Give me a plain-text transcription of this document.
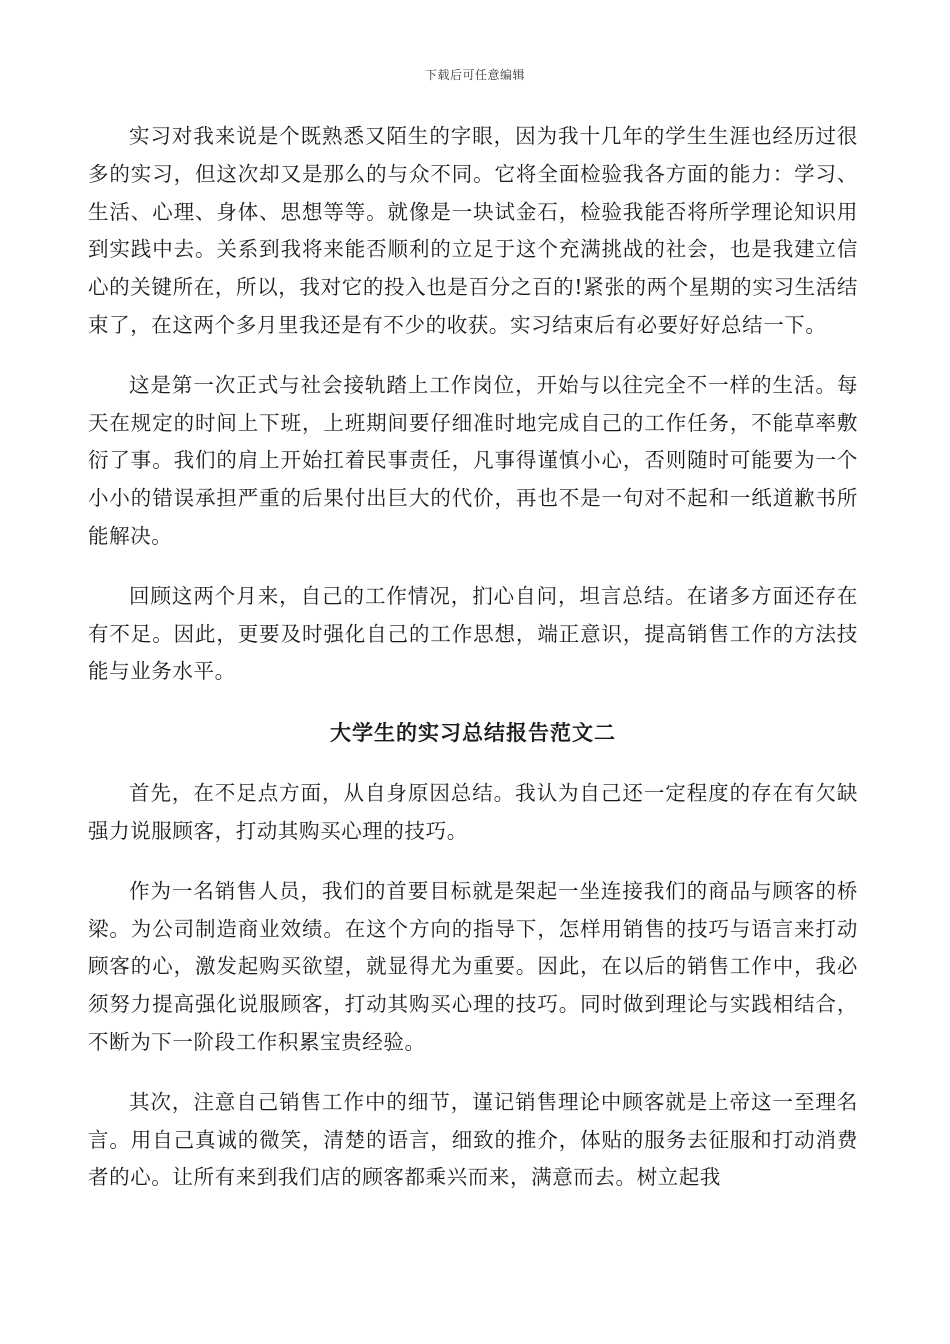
下载后可任意编辑

实习对我来说是个既熟悉又陌生的字眼，因为我十几年的学生生涯也经历过很多的实习，但这次却又是那么的与众不同。它将全面检验我各方面的能力：学习、生活、心理、身体、思想等等。就像是一块试金石，检验我能否将所学理论知识用到实践中去。关系到我将来能否顺利的立足于这个充满挑战的社会，也是我建立信心的关键所在，所以，我对它的投入也是百分之百的!紧张的两个星期的实习生活结束了，在这两个多月里我还是有不少的收获。实习结束后有必要好好总结一下。

这是第一次正式与社会接轨踏上工作岗位，开始与以往完全不一样的生活。每天在规定的时间上下班，上班期间要仔细准时地完成自己的工作任务，不能草率敷衍了事。我们的肩上开始扛着民事责任，凡事得谨慎小心，否则随时可能要为一个小小的错误承担严重的后果付出巨大的代价，再也不是一句对不起和一纸道歉书所能解决。

回顾这两个月来，自己的工作情况，扪心自问，坦言总结。在诸多方面还存在有不足。因此，更要及时强化自己的工作思想，端正意识，提高销售工作的方法技能与业务水平。

大学生的实习总结报告范文二

首先，在不足点方面，从自身原因总结。我认为自己还一定程度的存在有欠缺强力说服顾客，打动其购买心理的技巧。

作为一名销售人员，我们的首要目标就是架起一坐连接我们的商品与顾客的桥梁。为公司制造商业效绩。在这个方向的指导下，怎样用销售的技巧与语言来打动顾客的心，激发起购买欲望，就显得尤为重要。因此，在以后的销售工作中，我必须努力提高强化说服顾客，打动其购买心理的技巧。同时做到理论与实践相结合，不断为下一阶段工作积累宝贵经验。

其次，注意自己销售工作中的细节，谨记销售理论中顾客就是上帝这一至理名言。用自己真诚的微笑，清楚的语言，细致的推介，体贴的服务去征服和打动消费者的心。让所有来到我们店的顾客都乘兴而来，满意而去。树立起我
